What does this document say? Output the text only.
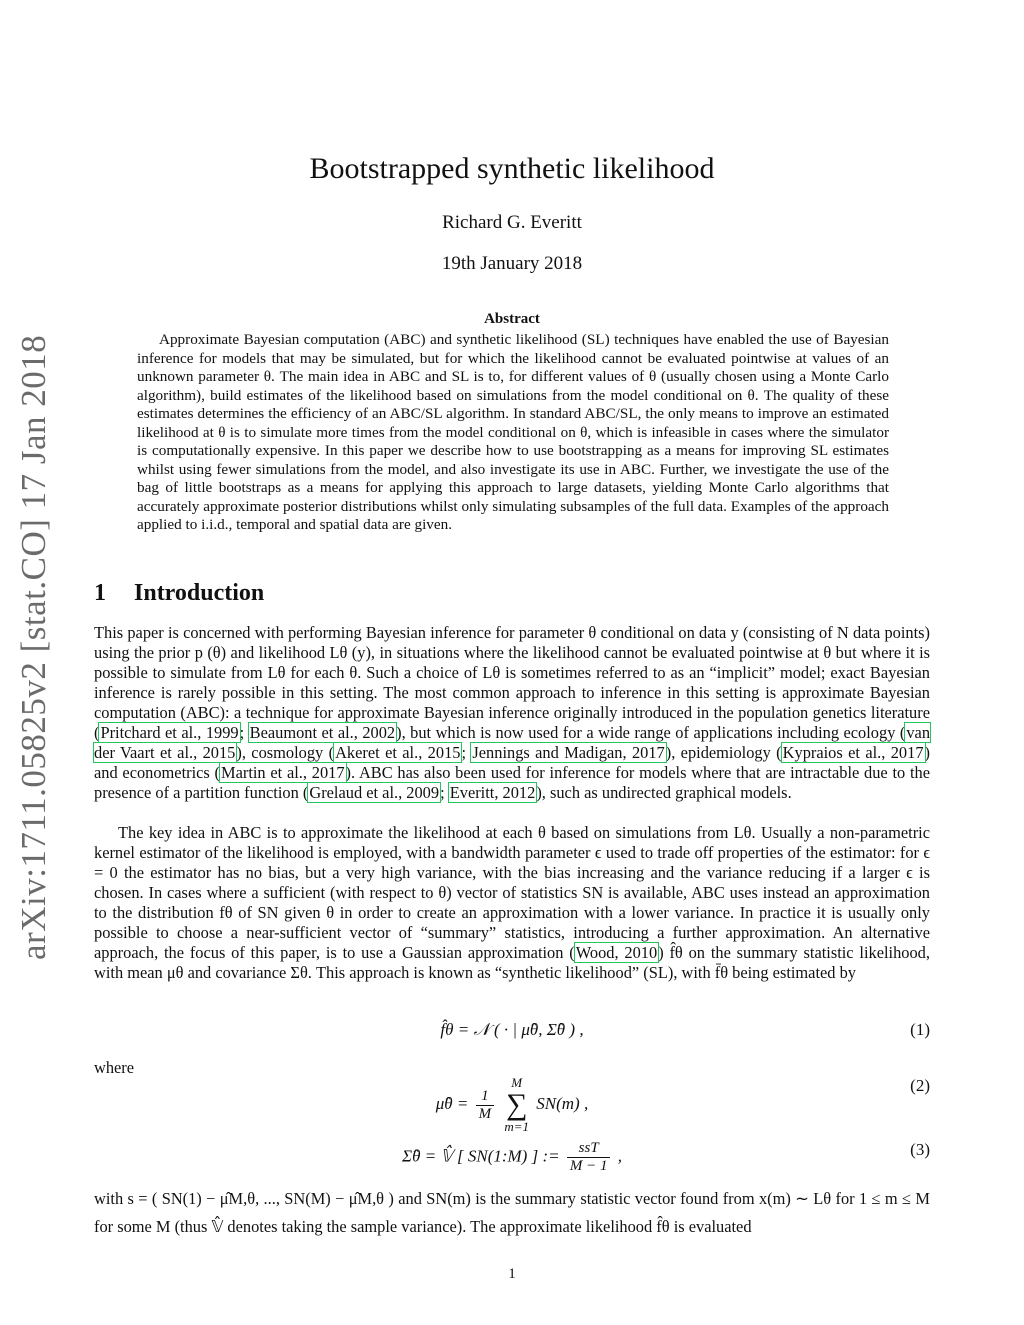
arXiv:1711.05825v2 [stat.CO] 17 Jan 2018
Bootstrapped synthetic likelihood
Richard G. Everitt
19th January 2018
Abstract
Approximate Bayesian computation (ABC) and synthetic likelihood (SL) techniques have enabled the use of Bayesian inference for models that may be simulated, but for which the likelihood cannot be evaluated pointwise at values of an unknown parameter θ. The main idea in ABC and SL is to, for different values of θ (usually chosen using a Monte Carlo algorithm), build estimates of the likelihood based on simulations from the model conditional on θ. The quality of these estimates determines the efficiency of an ABC/SL algorithm. In standard ABC/SL, the only means to improve an estimated likelihood at θ is to simulate more times from the model conditional on θ, which is infeasible in cases where the simulator is computationally expensive. In this paper we describe how to use bootstrapping as a means for improving SL estimates whilst using fewer simulations from the model, and also investigate its use in ABC. Further, we investigate the use of the bag of little bootstraps as a means for applying this approach to large datasets, yielding Monte Carlo algorithms that accurately approximate posterior distributions whilst only simulating subsamples of the full data. Examples of the approach applied to i.i.d., temporal and spatial data are given.
1 Introduction
This paper is concerned with performing Bayesian inference for parameter θ conditional on data y (consisting of N data points) using the prior p (θ) and likelihood Lθ (y), in situations where the likelihood cannot be evaluated pointwise at θ but where it is possible to simulate from Lθ for each θ. Such a choice of Lθ is sometimes referred to as an “implicit” model; exact Bayesian inference is rarely possible in this setting. The most common approach to inference in this setting is approximate Bayesian computation (ABC): a technique for approximate Bayesian inference originally introduced in the population genetics literature (Pritchard et al., 1999; Beaumont et al., 2002), but which is now used for a wide range of applications including ecology (van der Vaart et al., 2015), cosmology (Akeret et al., 2015; Jennings and Madigan, 2017), epidemiology (Kypraios et al., 2017) and econometrics (Martin et al., 2017). ABC has also been used for inference for models where that are intractable due to the presence of a partition function (Grelaud et al., 2009; Everitt, 2012), such as undirected graphical models.
The key idea in ABC is to approximate the likelihood at each θ based on simulations from Lθ. Usually a non-parametric kernel estimator of the likelihood is employed, with a bandwidth parameter ϵ used to trade off properties of the estimator: for ϵ = 0 the estimator has no bias, but a very high variance, with the bias increasing and the variance reducing if a larger ϵ is chosen. In cases where a sufficient (with respect to θ) vector of statistics SN is available, ABC uses instead an approximation to the distribution fθ of SN given θ in order to create an approximation with a lower variance. In practice it is usually only possible to choose a near-sufficient vector of “summary” statistics, introducing a further approximation. An alternative approach, the focus of this paper, is to use a Gaussian approximation (Wood, 2010) f̂θ on the summary statistic likelihood, with mean μθ and covariance Σθ. This approach is known as “synthetic likelihood” (SL), with f̄θ being estimated by
f̂θ = 𝒩 ( · | μ̂θ, Σ̂θ ) ,	(1)
where
μ̂θ = $\frac{1}{M}$
M
∑
m=1 SN(m) ,
(2)
Σ̂θ = 𝕍̂ [ SN(1:M) ] := $\frac{\text{ssT}}{M - 1}$ ,	(3)
with s = ( SN(1) − μ̂M,θ, ..., SN(M) − μ̂M,θ ) and SN(m) is the summary statistic vector found from x(m) ∼ Lθ for 1 ≤ m ≤ M for some M (thus 𝕍̂ denotes taking the sample variance). The approximate likelihood f̂θ is evaluated
1
